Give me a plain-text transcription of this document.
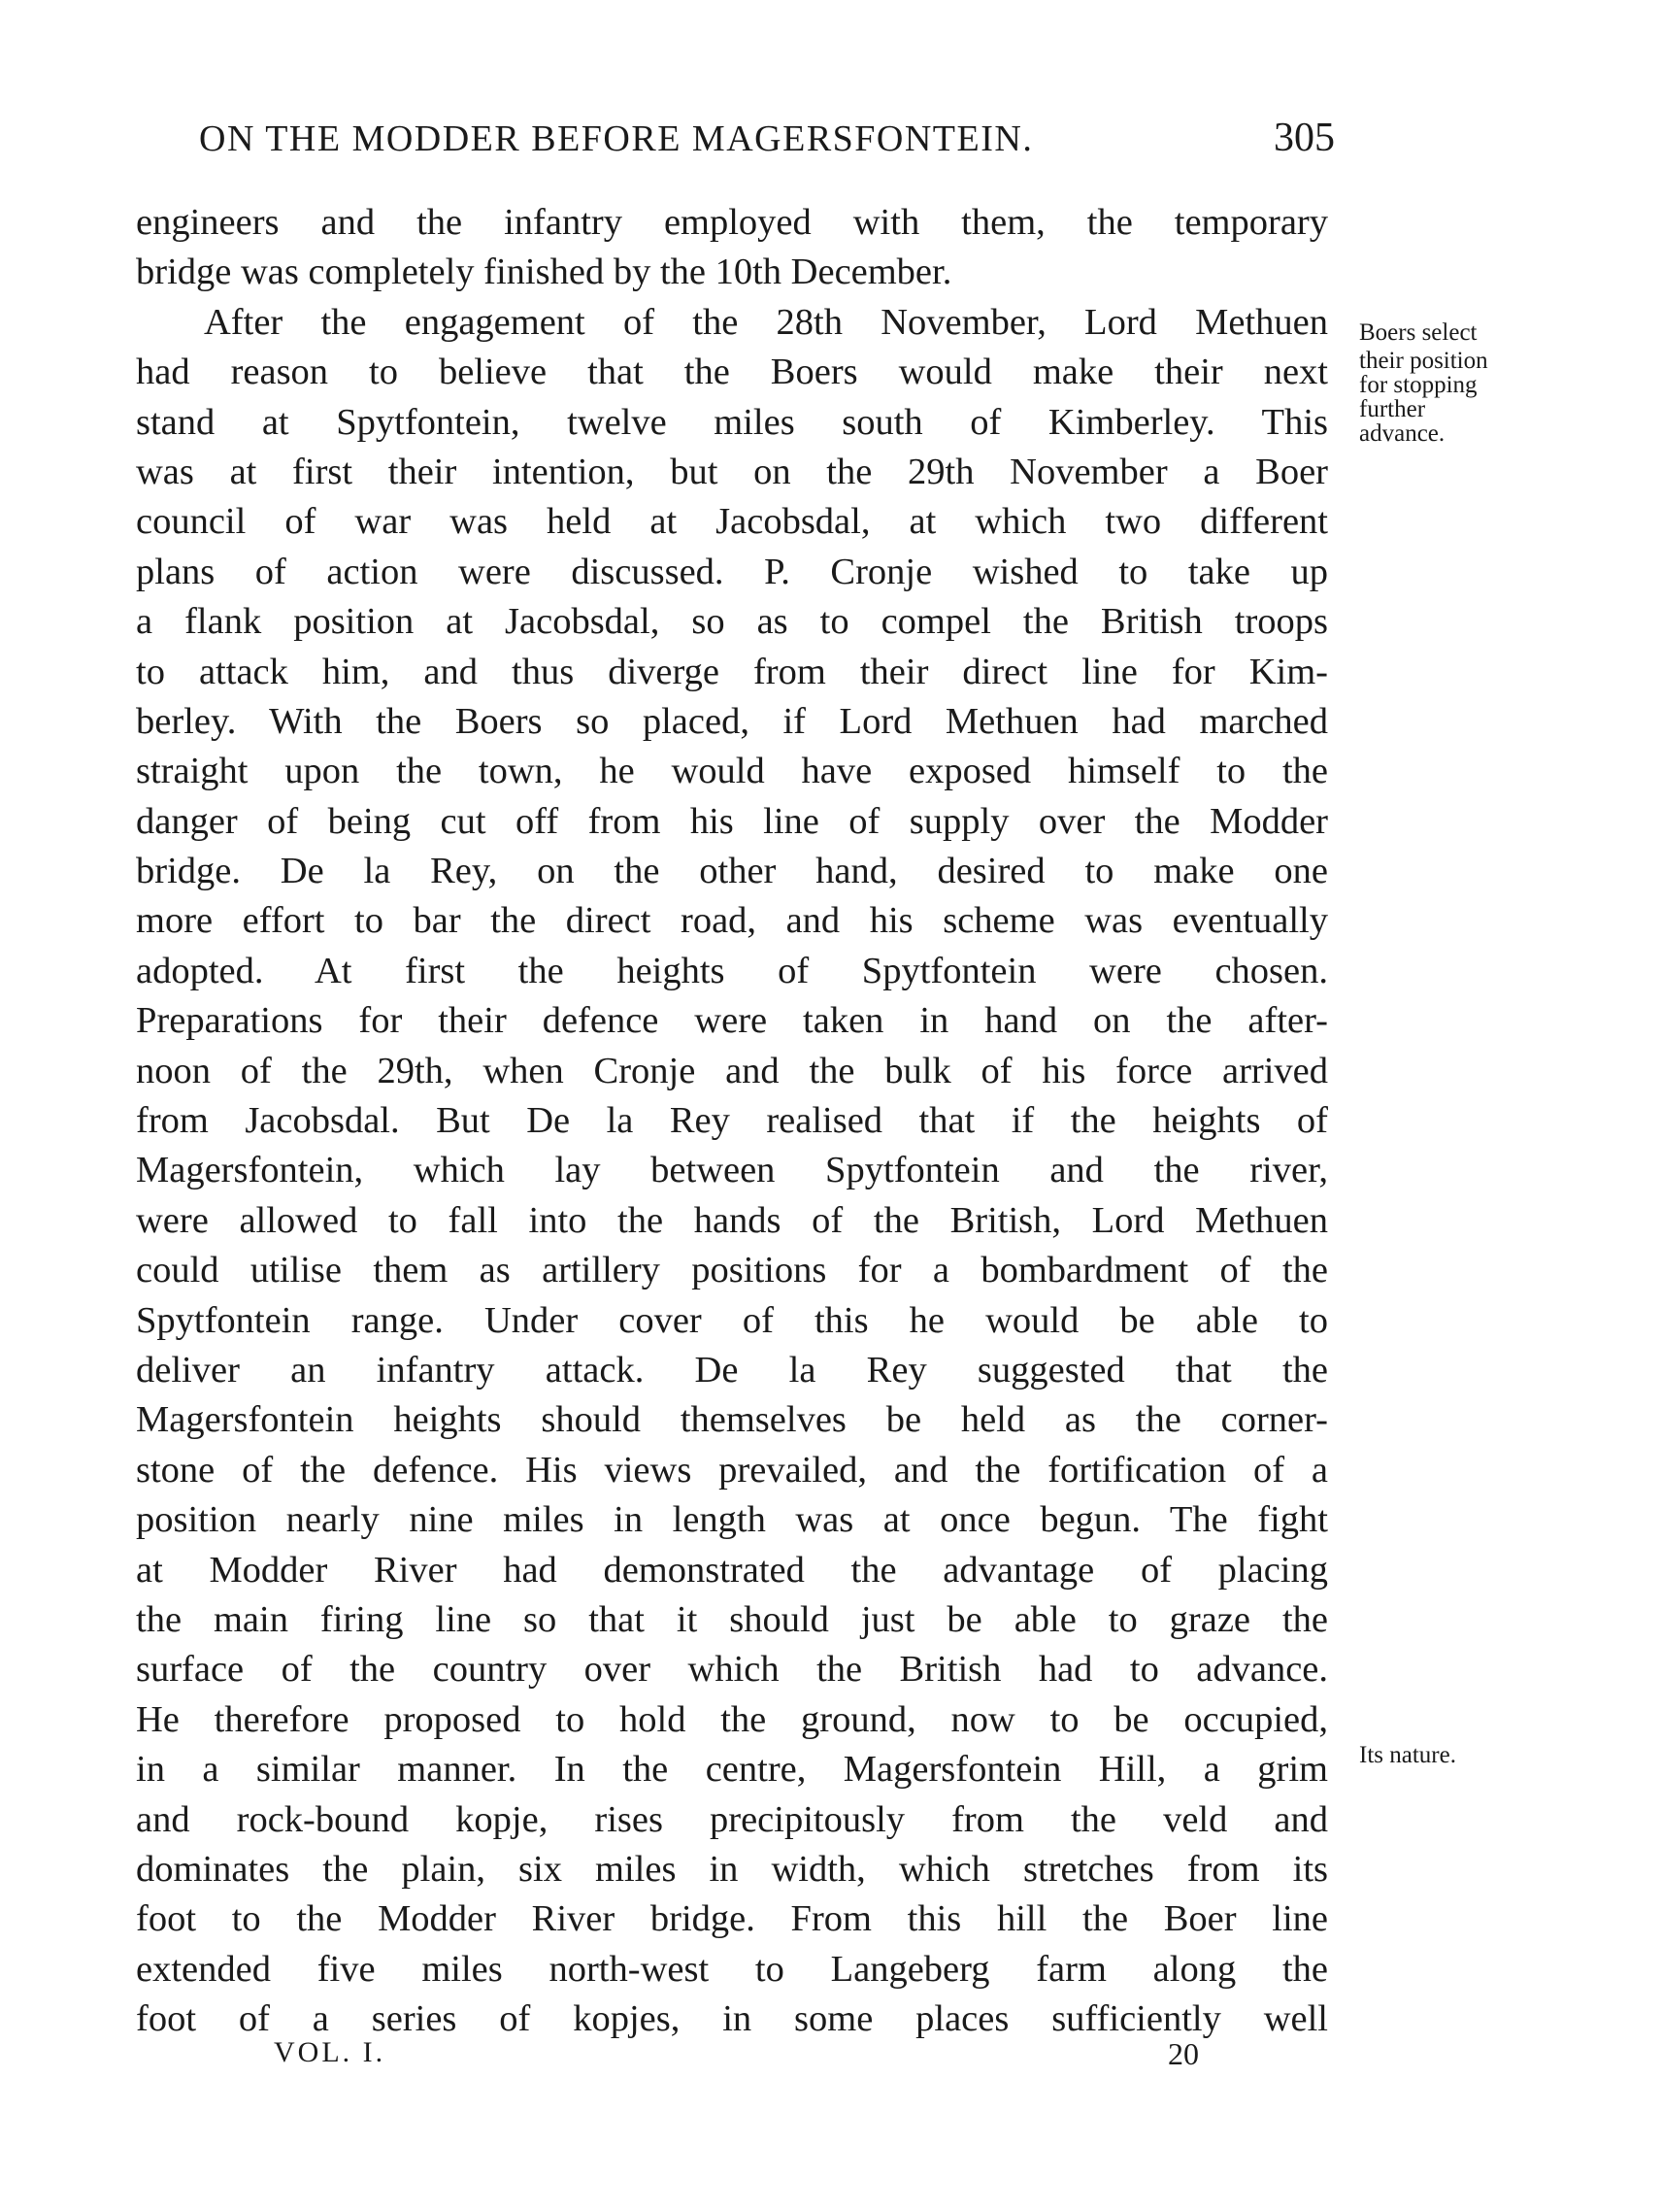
ON THE MODDER BEFORE MAGERSFONTEIN.	305
engineers and the infantry employed with them, the temporary
bridge was completely finished by the 10th December.
After the engagement of the 28th November, Lord Methuen
had reason to believe that the Boers would make their next
stand at Spytfontein, twelve miles south of Kimberley. This
was at first their intention, but on the 29th November a Boer
council of war was held at Jacobsdal, at which two different
plans of action were discussed. P. Cronje wished to take up
a flank position at Jacobsdal, so as to compel the British troops
to attack him, and thus diverge from their direct line for Kim-
berley. With the Boers so placed, if Lord Methuen had marched
straight upon the town, he would have exposed himself to the
danger of being cut off from his line of supply over the Modder
bridge. De la Rey, on the other hand, desired to make one
more effort to bar the direct road, and his scheme was eventually
adopted. At first the heights of Spytfontein were chosen.
Preparations for their defence were taken in hand on the after-
noon of the 29th, when Cronje and the bulk of his force arrived
from Jacobsdal. But De la Rey realised that if the heights of
Magersfontein, which lay between Spytfontein and the river,
were allowed to fall into the hands of the British, Lord Methuen
could utilise them as artillery positions for a bombardment of the
Spytfontein range. Under cover of this he would be able to
deliver an infantry attack. De la Rey suggested that the
Magersfontein heights should themselves be held as the corner-
stone of the defence. His views prevailed, and the fortification of a
position nearly nine miles in length was at once begun. The fight
at Modder River had demonstrated the advantage of placing
the main firing line so that it should just be able to graze the
surface of the country over which the British had to advance.
He therefore proposed to hold the ground, now to be occupied,
in a similar manner. In the centre, Magersfontein Hill, a grim
and rock-bound kopje, rises precipitously from the veld and
dominates the plain, six miles in width, which stretches from its
foot to the Modder River bridge. From this hill the Boer line
extended five miles north-west to Langeberg farm along the
foot of a series of kopjes, in some places sufficiently well
Boers select
their position
for stopping
further
advance.
Its nature.
VOL. I.	20
